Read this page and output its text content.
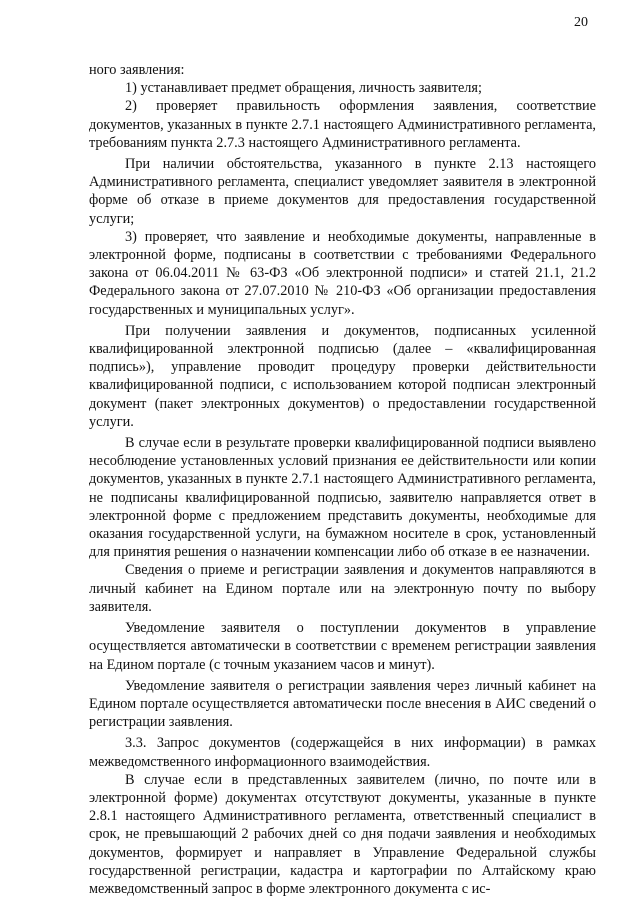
20

ного заявления:

1) устанавливает предмет обращения, личность заявителя;

2) проверяет правильность оформления заявления, соответствие документов, указанных в пункте 2.7.1 настоящего Административного регламента, требованиям пункта 2.7.3 настоящего Административного регламента.

При наличии обстоятельства, указанного в пункте 2.13 настоящего Административного регламента, специалист уведомляет заявителя в электронной форме об отказе в приеме документов для предоставления государственной услуги;

3) проверяет, что заявление и необходимые документы, направленные в электронной форме, подписаны в соответствии с требованиями Федерального закона от 06.04.2011 № 63-ФЗ «Об электронной подписи» и статей 21.1, 21.2 Федерального закона от 27.07.2010 № 210-ФЗ «Об организации предоставления государственных и муниципальных услуг».

При получении заявления и документов, подписанных усиленной квалифицированной электронной подписью (далее – «квалифицированная подпись»), управление проводит процедуру проверки действительности квалифицированной подписи, с использованием которой подписан электронный документ (пакет электронных документов) о предоставлении государственной услуги.

В случае если в результате проверки квалифицированной подписи выявлено несоблюдение установленных условий признания ее действительности или копии документов, указанных в пункте 2.7.1 настоящего Административного регламента, не подписаны квалифицированной подписью, заявителю направляется ответ в электронной форме с предложением представить документы, необходимые для оказания государственной услуги, на бумажном носителе в срок, установленный для принятия решения о назначении компенсации либо об отказе в ее назначении.

Сведения о приеме и регистрации заявления и документов направляются в личный кабинет на Едином портале или на электронную почту по выбору заявителя.

Уведомление заявителя о поступлении документов в управление осуществляется автоматически в соответствии с временем регистрации заявления на Едином портале (с точным указанием часов и минут).

Уведомление заявителя о регистрации заявления через личный кабинет на Едином портале осуществляется автоматически после внесения в АИС сведений о регистрации заявления.

3.3. Запрос документов (содержащейся в них информации) в рамках межведомственного информационного взаимодействия.

В случае если в представленных заявителем (лично, по почте или в электронной форме) документах отсутствуют документы, указанные в пункте 2.8.1 настоящего Административного регламента, ответственный специалист в срок, не превышающий 2 рабочих дней со дня подачи заявления и необходимых документов, формирует и направляет в Управление Федеральной службы государственной регистрации, кадастра и картографии по Алтайскому краю межведомственный запрос в форме электронного документа с ис-
